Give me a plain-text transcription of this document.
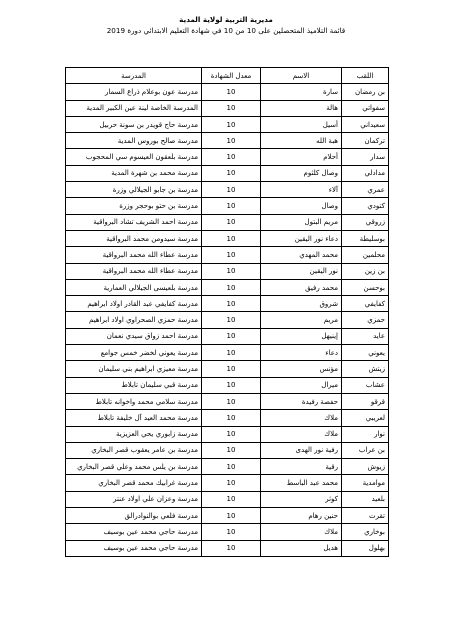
مديرية التربية لولاية المدية
قائمة التلاميذ المتحصلين على 10 من 10 في شهادة التعليم الابتدائي دورة 2019
اللقب	الاسم	معدل الشهادة	المدرسة
بن رمضان	سارة	10	مدرسة عون بوعلام ذراع السمار
سفواتي	هالة	10	المدرسة الخاصة لينة عين الكبير المدية
سعيداني	أسيل	10	مدرسة حاج قويدر بن سونة حربيل
تركمان	هبة الله	10	مدرسة صالح بوروس المدية
سدار	أحلام	10	مدرسة بلعقون العيسوم سي المحجوب
مدادلي	وصال كلثوم	10	مدرسة محمد بن شهرة المدية
عمري	آلاء	10	مدرسة بن جابو الجيلالي وزرة
كتودي	وصال	10	مدرسة بن حتو بوحجر وزرة
زروقي	مريم البتول	10	مدرسة احمد الشريف تشاد البرواقية
بوسليطة	دعاء نور اليقين	10	مدرسة سيدومن محمد البرواقية
محلمين	محمد المهدي	10	مدرسة عطاء الله محمد البرواقية
بن زين	نور اليقين	10	مدرسة عطاء الله محمد البرواقية
بوحسن	محمد رفيق	10	مدرسة بلعيسى الجيلالي العمارية
كفايفي	شروق	10	مدرسة كفايفي عبد القادر اولاد ابراهيم
حمزي	مريم	10	مدرسة حمزي الصحراوي اولاد ابراهيم
عايد	إينيهل	10	مدرسة احمد زواق سيدي نعمان
يعوني	دعاء	10	مدرسة يعوني لخضر خمس جوامع
زيتش	مؤنس	10	مدرسة معيزي ابراهيم بني سليمان
عشاب	ميرال	10	مدرسة قبي سليمان تابلاط
قرقو	حفصة رفيدة	10	مدرسة سلامي محمد واخوانه تابلاط
لعريبي	ملاك	10	مدرسة محمد العيد آل خليفة تابلاط
نوار	ملاك	10	مدرسة زابوري يحي العزيزية
بن عراب	رفية نور الهدى	10	مدرسة بن عامر يعقوب قصر البخاري
زيوش	رقية	10	مدرسة بن يلس محمد وعلي قصر البخاري
موامدية	محمد عبد الباسط	10	مدرسة غرابيك محمد قصر البخاري
بلعيد	كوثر	10	مدرسة وعزان علي اولاد عنتر
تقرت	حنين رهام	10	مدرسة فلعي بوالنوادرالق
بوخاري	ملاك	10	مدرسة حاجي محمد عين بوسيف
بهلول	هديل	10	مدرسة حاجي محمد عين بوسيف
